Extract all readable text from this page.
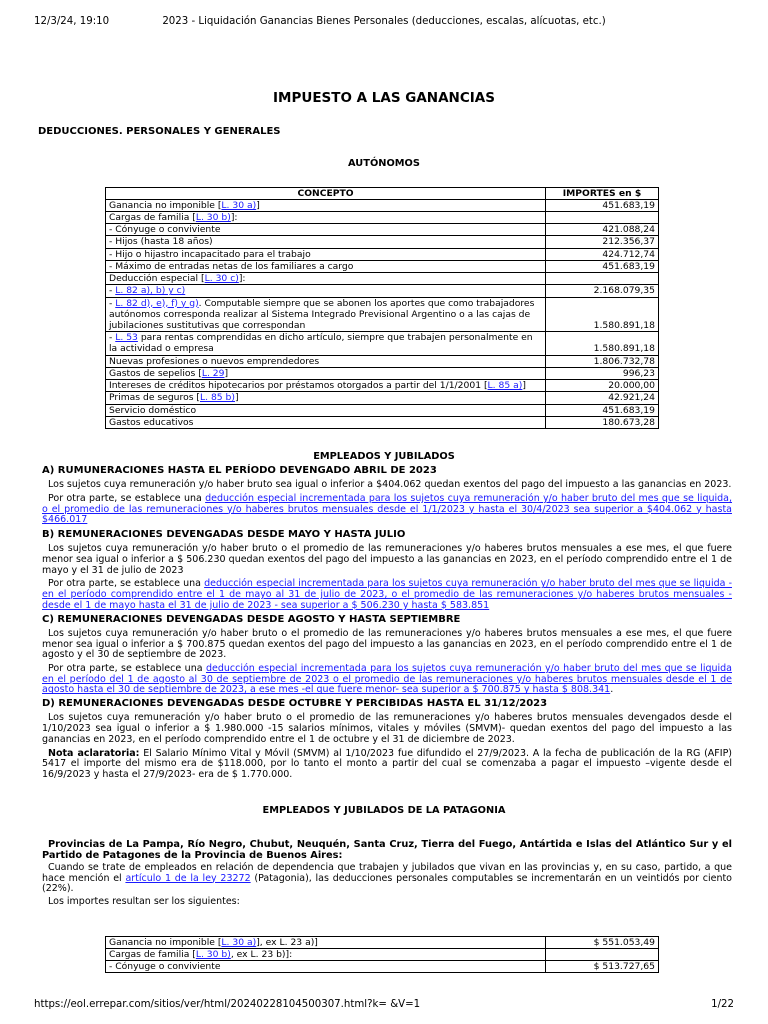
12/3/24, 19:10	2023 - Liquidación Ganancias Bienes Personales (deducciones, escalas, alícuotas, etc.)
IMPUESTO A LAS GANANCIAS
DEDUCCIONES. PERSONALES Y GENERALES
AUTÓNOMOS
CONCEPTO	IMPORTES en $
Ganancia no imponible [L. 30 a)]	451.683,19
Cargas de familia [L. 30 b)]:	
- Cónyuge o conviviente	421.088,24
- Hijos (hasta 18 años)	212.356,37
- Hijo o hijastro incapacitado para el trabajo	424.712,74
- Máximo de entradas netas de los familiares a cargo	451.683,19
Deducción especial [L. 30 c)]:	
- L. 82 a), b) y c)	2.168.079,35
- L. 82 d), e), f) y g). Computable siempre que se abonen los aportes que como trabajadores autónomos corresponda realizar al Sistema Integrado Previsional Argentino o a las cajas de jubilaciones sustitutivas que correspondan	1.580.891,18
- L. 53 para rentas comprendidas en dicho artículo, siempre que trabajen personalmente en la actividad o empresa	1.580.891,18
Nuevas profesiones o nuevos emprendedores	1.806.732,78
Gastos de sepelios [L. 29]	996,23
Intereses de créditos hipotecarios por préstamos otorgados a partir del 1/1/2001 [L. 85 a)]	20.000,00
Primas de seguros [L. 85 b)]	42.921,24
Servicio doméstico	451.683,19
Gastos educativos	180.673,28
EMPLEADOS Y JUBILADOS
A) RUMUNERACIONES HASTA EL PERÍODO DEVENGADO ABRIL DE 2023
Los sujetos cuya remuneración y/o haber bruto sea igual o inferior a $404.062 quedan exentos del pago del impuesto a las ganancias en 2023.
Por otra parte, se establece una deducción especial incrementada para los sujetos cuya remuneración y/o haber bruto del mes que se liquida, o el promedio de las remuneraciones y/o haberes brutos mensuales desde el 1/1/2023 y hasta el 30/4/2023 sea superior a $404.062 y hasta $466.017
B) REMUNERACIONES DEVENGADAS DESDE MAYO Y HASTA JULIO
Los sujetos cuya remuneración y/o haber bruto o el promedio de las remuneraciones y/o haberes brutos mensuales a ese mes, el que fuere menor sea igual o inferior a $ 506.230 quedan exentos del pago del impuesto a las ganancias en 2023, en el período comprendido entre el 1 de mayo y el 31 de julio de 2023
Por otra parte, se establece una deducción especial incrementada para los sujetos cuya remuneración y/o haber bruto del mes que se liquida -en el período comprendido entre el 1 de mayo al 31 de julio de 2023, o el promedio de las remuneraciones y/o haberes brutos mensuales -desde el 1 de mayo hasta el 31 de julio de 2023 - sea superior a $ 506.230 y hasta $ 583.851
C) REMUNERACIONES DEVENGADAS DESDE AGOSTO Y HASTA SEPTIEMBRE
Los sujetos cuya remuneración y/o haber bruto o el promedio de las remuneraciones y/o haberes brutos mensuales a ese mes, el que fuere menor sea igual o inferior a $ 700.875 quedan exentos del pago del impuesto a las ganancias en 2023, en el período comprendido entre el 1 de agosto y el 30 de septiembre de 2023.
Por otra parte, se establece una deducción especial incrementada para los sujetos cuya remuneración y/o haber bruto del mes que se liquida en el período del 1 de agosto al 30 de septiembre de 2023 o el promedio de las remuneraciones y/o haberes brutos mensuales desde el 1 de agosto hasta el 30 de septiembre de 2023, a ese mes -el que fuere menor- sea superior a $ 700.875 y hasta $ 808.341.
D) REMUNERACIONES DEVENGADAS DESDE OCTUBRE Y PERCIBIDAS HASTA EL 31/12/2023
Los sujetos cuya remuneración y/o haber bruto o el promedio de las remuneraciones y/o haberes brutos mensuales devengados desde el 1/10/2023 sea igual o inferior a $ 1.980.000 -15 salarios mínimos, vitales y móviles (SMVM)- quedan exentos del pago del impuesto a las ganancias en 2023, en el período comprendido entre el 1 de octubre y el 31 de diciembre de 2023.
Nota aclaratoria: El Salario Mínimo Vital y Móvil (SMVM) al 1/10/2023 fue difundido el 27/9/2023. A la fecha de publicación de la RG (AFIP) 5417 el importe del mismo era de $118.000, por lo tanto el monto a partir del cual se comenzaba a pagar el impuesto –vigente desde el 16/9/2023 y hasta el 27/9/2023- era de $ 1.770.000.
EMPLEADOS Y JUBILADOS DE LA PATAGONIA
Provincias de La Pampa, Río Negro, Chubut, Neuquén, Santa Cruz, Tierra del Fuego, Antártida e Islas del Atlántico Sur y el Partido de Patagones de la Provincia de Buenos Aires:
Cuando se trate de empleados en relación de dependencia que trabajen y jubilados que vivan en las provincias y, en su caso, partido, a que hace mención el artículo 1 de la ley 23272 (Patagonia), las deducciones personales computables se incrementarán en un veintidós por ciento (22%).
Los importes resultan ser los siguientes:
Ganancia no imponible [L. 30 a)], ex L. 23 a)]	$ 551.053,49
Cargas de familia [L. 30 b), ex L. 23 b)]:	
- Cónyuge o conviviente	$ 513.727,65
https://eol.errepar.com/sitios/ver/html/20240228104500307.html?k= &V=1	1/22
